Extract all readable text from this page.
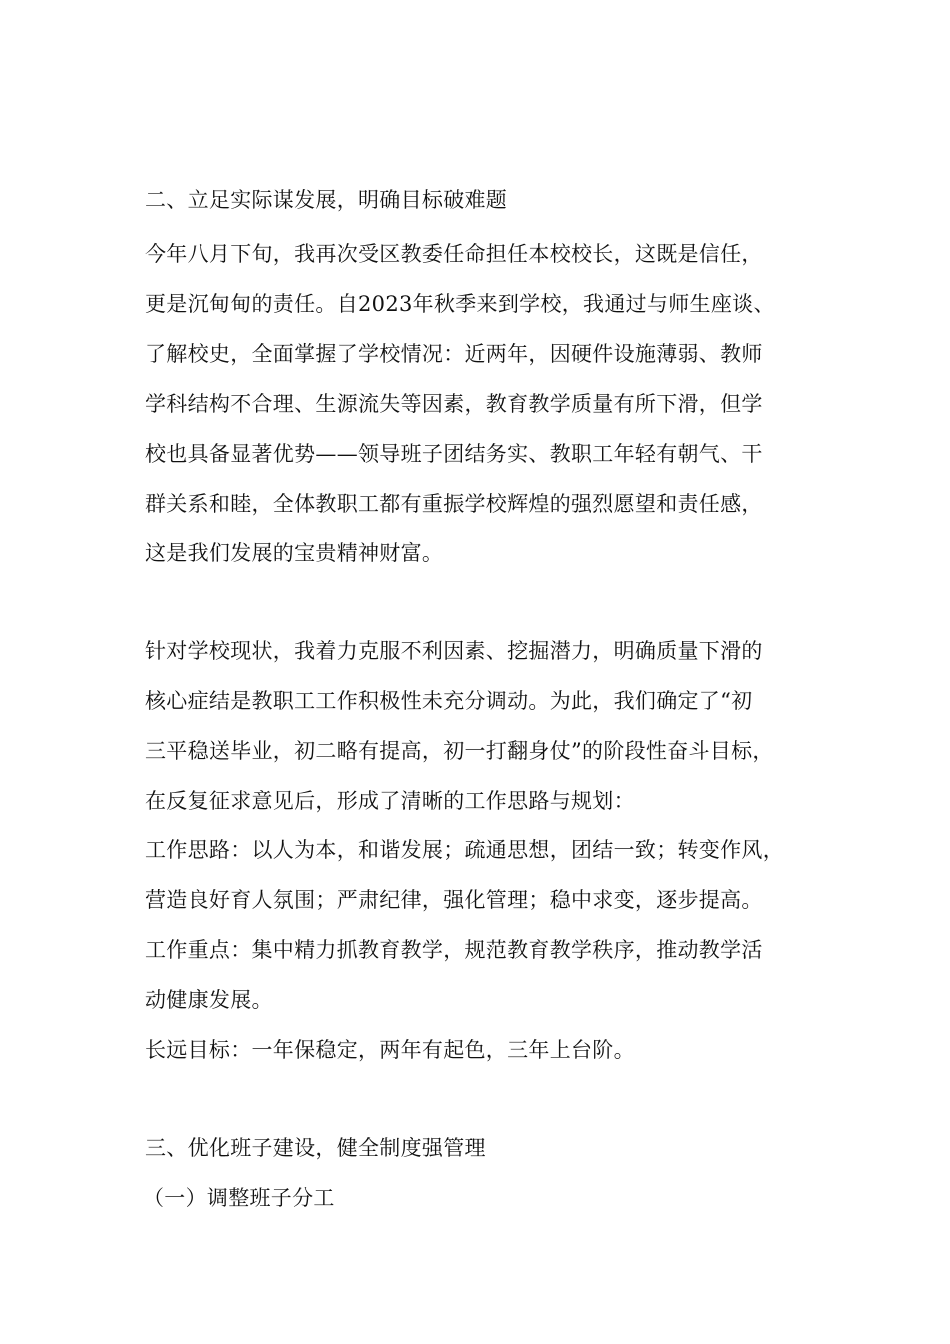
二、立足实际谋发展，明确目标破难题
今年八月下旬，我再次受区教委任命担任本校校长，这既是信任，
更是沉甸甸的责任。自2023年秋季来到学校，我通过与师生座谈、
了解校史，全面掌握了学校情况：近两年，因硬件设施薄弱、教师
学科结构不合理、生源流失等因素，教育教学质量有所下滑，但学
校也具备显著优势——领导班子团结务实、教职工年轻有朝气、干
群关系和睦，全体教职工都有重振学校辉煌的强烈愿望和责任感，
这是我们发展的宝贵精神财富。
针对学校现状，我着力克服不利因素、挖掘潜力，明确质量下滑的
核心症结是教职工工作积极性未充分调动。为此，我们确定了“初
三平稳送毕业，初二略有提高，初一打翻身仗”的阶段性奋斗目标，
在反复征求意见后，形成了清晰的工作思路与规划：
工作思路：以人为本，和谐发展；疏通思想，团结一致；转变作风，
营造良好育人氛围；严肃纪律，强化管理；稳中求变，逐步提高。
工作重点：集中精力抓教育教学，规范教育教学秩序，推动教学活
动健康发展。
长远目标：一年保稳定，两年有起色，三年上台阶。
三、优化班子建设，健全制度强管理
（一）调整班子分工
